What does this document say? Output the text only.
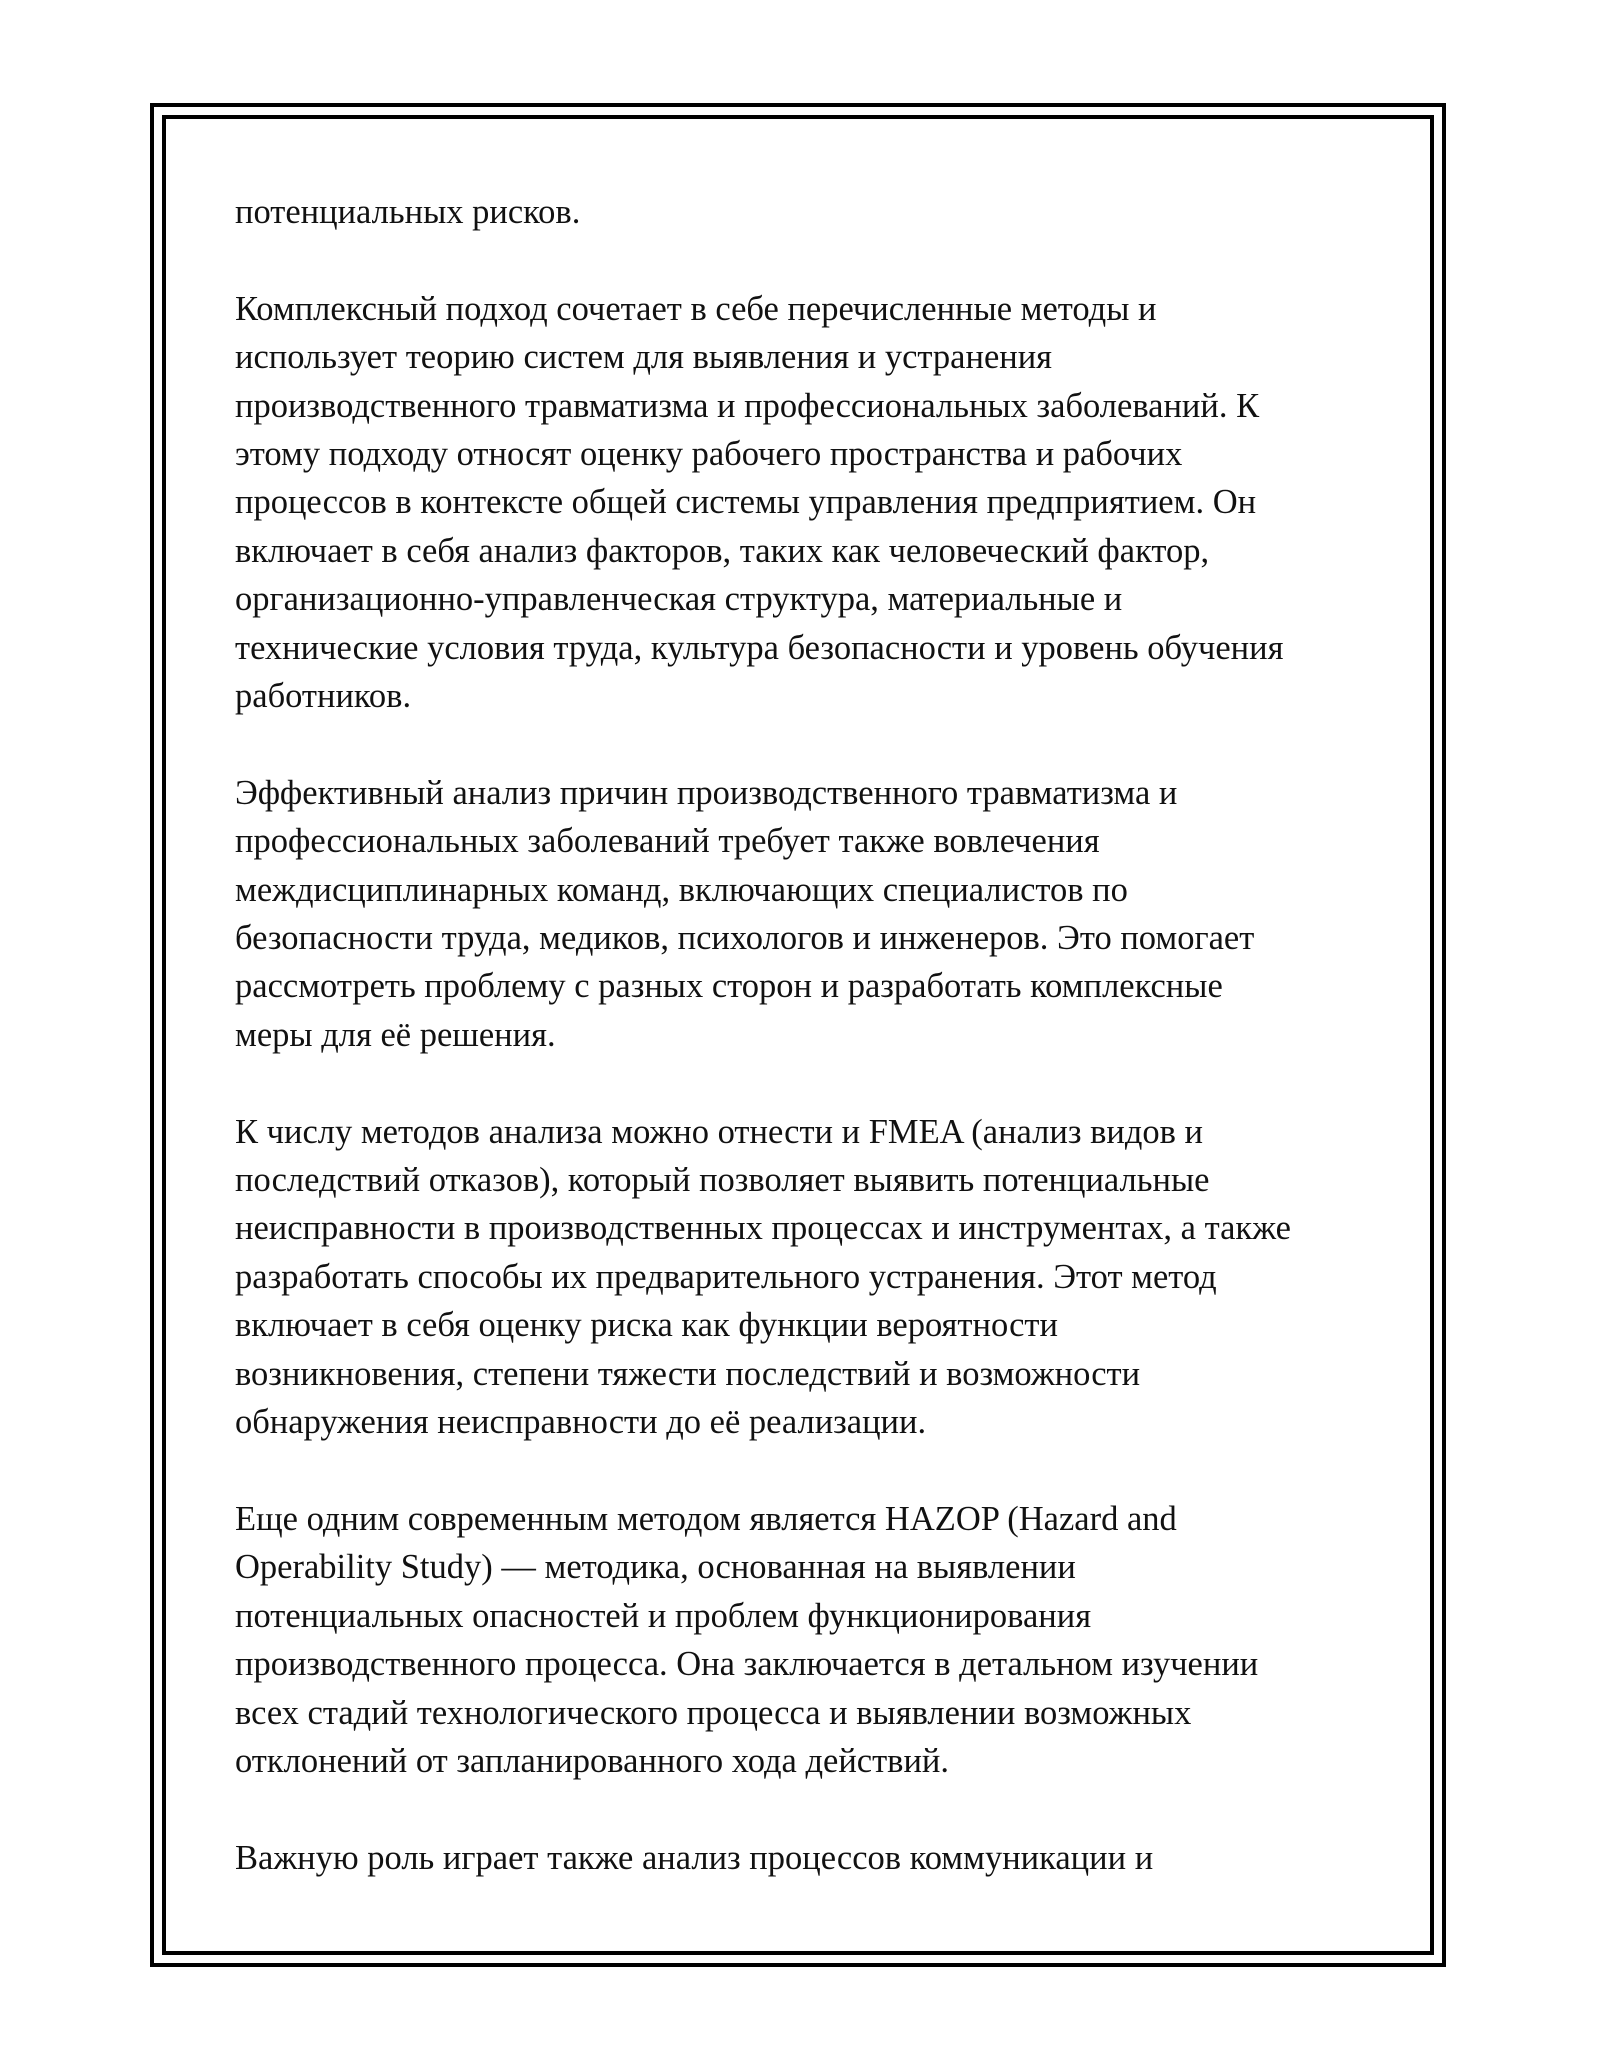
потенциальных рисков.

Комплексный подход сочетает в себе перечисленные методы и
использует теорию систем для выявления и устранения
производственного травматизма и профессиональных заболеваний. К
этому подходу относят оценку рабочего пространства и рабочих
процессов в контексте общей системы управления предприятием. Он
включает в себя анализ факторов, таких как человеческий фактор,
организационно-управленческая структура, материальные и
технические условия труда, культура безопасности и уровень обучения
работников.

Эффективный анализ причин производственного травматизма и
профессиональных заболеваний требует также вовлечения
междисциплинарных команд, включающих специалистов по
безопасности труда, медиков, психологов и инженеров. Это помогает
рассмотреть проблему с разных сторон и разработать комплексные
меры для её решения.

К числу методов анализа можно отнести и FMEA (анализ видов и
последствий отказов), который позволяет выявить потенциальные
неисправности в производственных процессах и инструментах, а также
разработать способы их предварительного устранения. Этот метод
включает в себя оценку риска как функции вероятности
возникновения, степени тяжести последствий и возможности
обнаружения неисправности до её реализации.

Еще одним современным методом является HAZOP (Hazard and
Operability Study) — методика, основанная на выявлении
потенциальных опасностей и проблем функционирования
производственного процесса. Она заключается в детальном изучении
всех стадий технологического процесса и выявлении возможных
отклонений от запланированного хода действий.

Важную роль играет также анализ процессов коммуникации и
